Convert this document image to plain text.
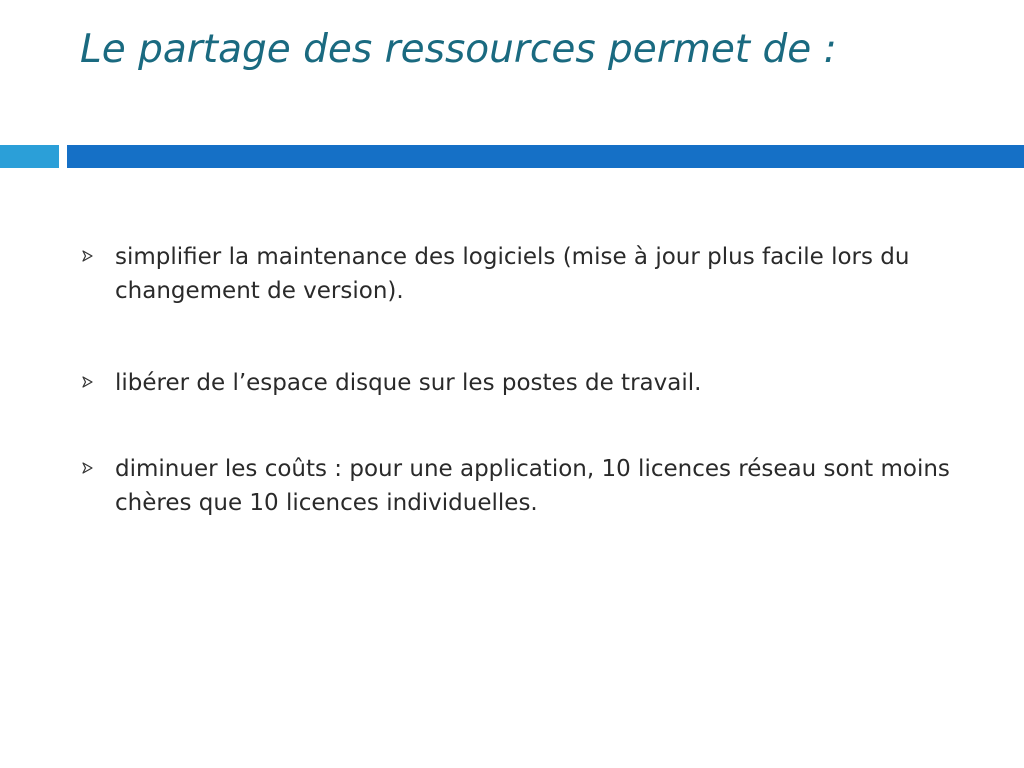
Le partage des ressources permet de :
simplifier la maintenance des logiciels (mise à jour plus facile lors du changement de version).
libérer de l’espace disque sur les postes de travail.
diminuer les coûts : pour une application, 10 licences réseau sont moins chères que 10 licences individuelles.
